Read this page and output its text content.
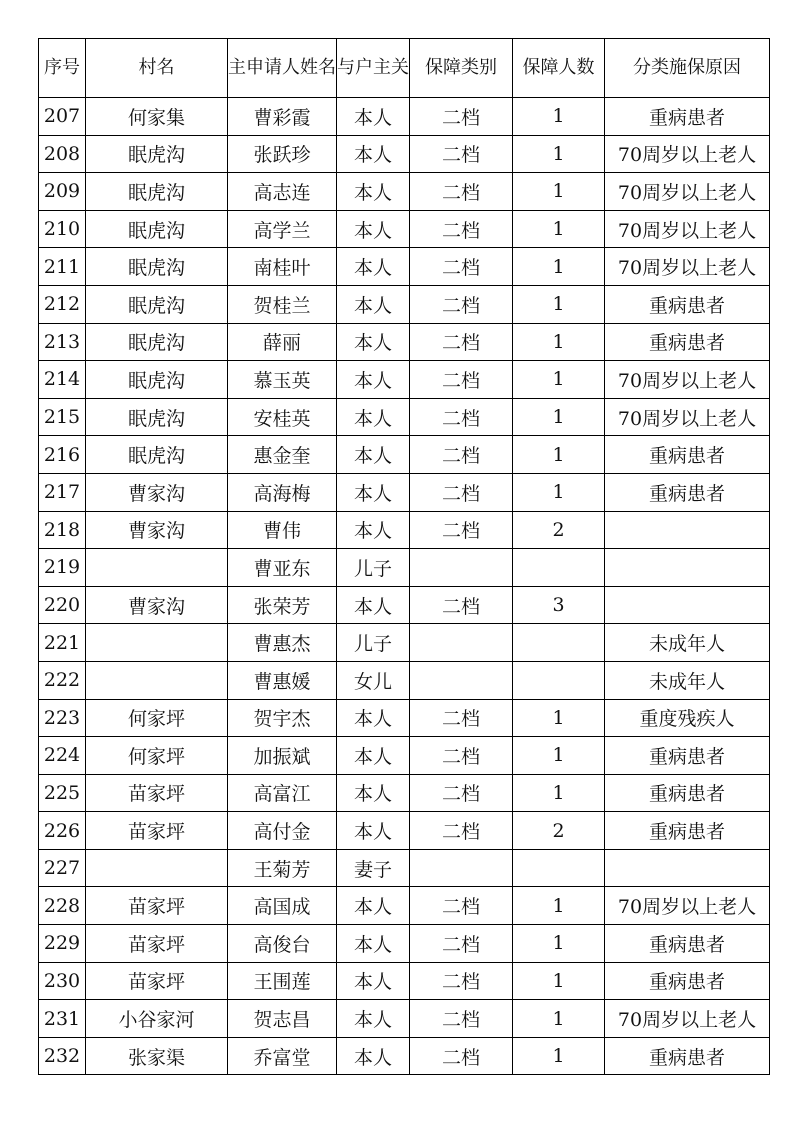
序号	村名	主申请人姓名	与户主关	保障类别	保障人数	分类施保原因
207	何家集	曹彩霞	本人	二档	1	重病患者
208	眠虎沟	张跃珍	本人	二档	1	70周岁以上老人
209	眠虎沟	高志连	本人	二档	1	70周岁以上老人
210	眠虎沟	高学兰	本人	二档	1	70周岁以上老人
211	眠虎沟	南桂叶	本人	二档	1	70周岁以上老人
212	眠虎沟	贺桂兰	本人	二档	1	重病患者
213	眠虎沟	薛丽	本人	二档	1	重病患者
214	眠虎沟	慕玉英	本人	二档	1	70周岁以上老人
215	眠虎沟	安桂英	本人	二档	1	70周岁以上老人
216	眠虎沟	惠金奎	本人	二档	1	重病患者
217	曹家沟	高海梅	本人	二档	1	重病患者
218	曹家沟	曹伟	本人	二档	2	
219		曹亚东	儿子			
220	曹家沟	张荣芳	本人	二档	3	
221		曹惠杰	儿子			未成年人
222		曹惠媛	女儿			未成年人
223	何家坪	贺宇杰	本人	二档	1	重度残疾人
224	何家坪	加振斌	本人	二档	1	重病患者
225	苗家坪	高富江	本人	二档	1	重病患者
226	苗家坪	高付金	本人	二档	2	重病患者
227		王菊芳	妻子			
228	苗家坪	高国成	本人	二档	1	70周岁以上老人
229	苗家坪	高俊台	本人	二档	1	重病患者
230	苗家坪	王围莲	本人	二档	1	重病患者
231	小谷家河	贺志昌	本人	二档	1	70周岁以上老人
232	张家渠	乔富堂	本人	二档	1	重病患者
